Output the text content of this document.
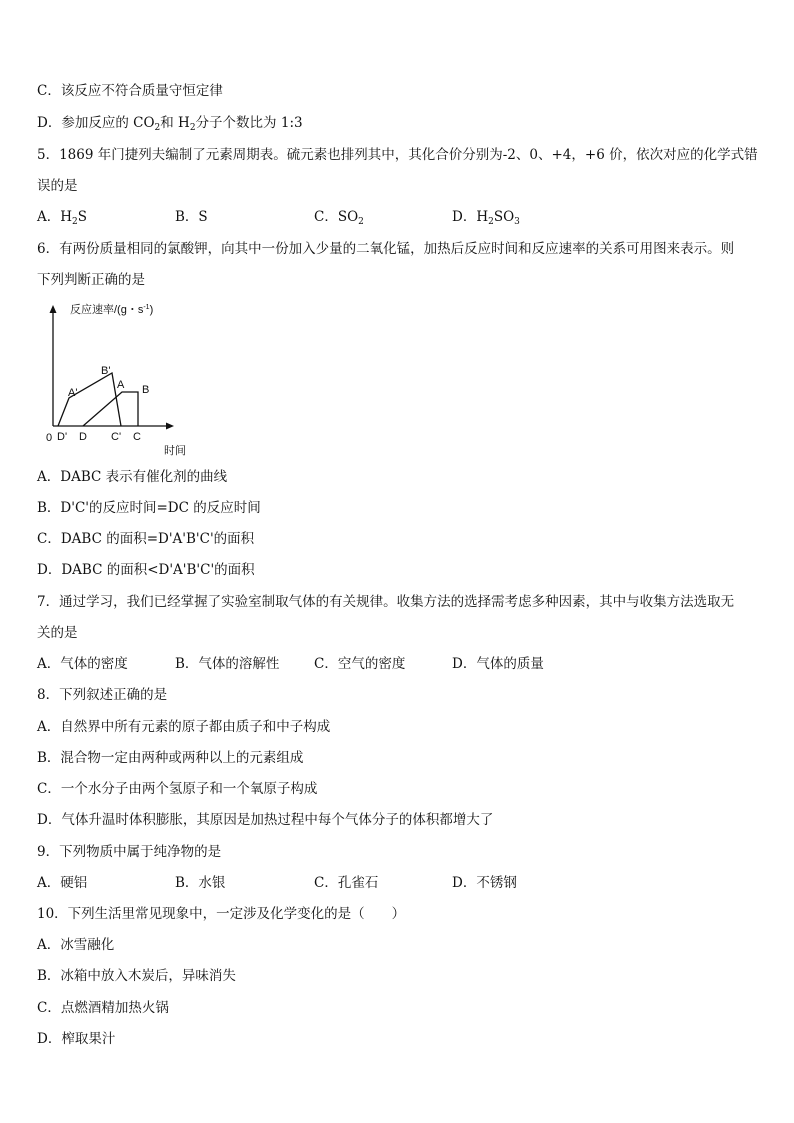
C．该反应不符合质量守恒定律
D．参加反应的 $CO_2$和 $H_2$分子个数比为 1:3
5．1869 年门捷列夫编制了元素周期表。硫元素也排列其中，其化合价分别为-2、0、+4，+6 价，依次对应的化学式错
误的是
A．$H_2S$	B．S	C．$SO_2$	D．$H_2SO_3$
6．有两份质量相同的氯酸钾，向其中一份加入少量的二氧化锰，加热后反应时间和反应速率的关系可用图来表示。则
下列判断正确的是
反应速率/(g・$s^{-1}$)
A'
B'
A B
0 D' D C' C
时间
A．DABC 表示有催化剂的曲线
B．D'C'的反应时间=DC 的反应时间
C．DABC 的面积=D'A'B'C'的面积
D．DABC 的面积<D'A'B'C'的面积
7．通过学习，我们已经掌握了实验室制取气体的有关规律。收集方法的选择需考虑多种因素，其中与收集方法选取无
关的是
A．气体的密度	B．气体的溶解性	C．空气的密度	D．气体的质量
8．下列叙述正确的是
A．自然界中所有元素的原子都由质子和中子构成
B．混合物一定由两种或两种以上的元素组成
C．一个水分子由两个氢原子和一个氧原子构成
D．气体升温时体积膨胀，其原因是加热过程中每个气体分子的体积都增大了
9．下列物质中属于纯净物的是
A．硬铝	B．水银	C．孔雀石	D．不锈钢
10．下列生活里常见现象中，一定涉及化学变化的是（　　）
A．冰雪融化
B．冰箱中放入木炭后，异味消失
C．点燃酒精加热火锅
D．榨取果汁
